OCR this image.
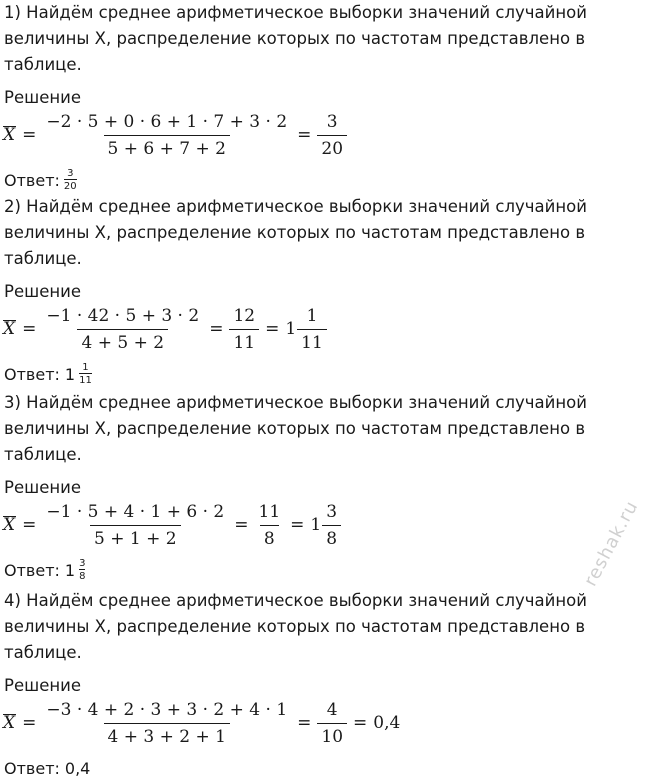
1) Найдём среднее арифметическое выборки значений случайной величины X, распределение которых по частотам представлено в таблице.
Решение
$X = \frac{-2 \cdot 5 + 0 \cdot 6 + 1 \cdot 7 + 3 \cdot 2}{5 + 6 + 7 + 2} = \frac{3}{20}$
Ответ: $\frac{3}{20}$
2) Найдём среднее арифметическое выборки значений случайной величины X, распределение которых по частотам представлено в таблице.
Решение
$X = \frac{-1 \cdot 42 \cdot 5 + 3 \cdot 2}{4 + 5 + 2} = \frac{12}{11} = 1 \frac{1}{11}$
Ответ: $1 \frac{1}{11}$
3) Найдём среднее арифметическое выборки значений случайной величины X, распределение которых по частотам представлено в таблице.
Решение
$X = \frac{-1 \cdot 5 + 4 \cdot 1 + 6 \cdot 2}{5 + 1 + 2} = \frac{11}{8} = 1 \frac{3}{8}$
Ответ: $1 \frac{3}{8}$
4) Найдём среднее арифметическое выборки значений случайной величины X, распределение которых по частотам представлено в таблице.
Решение
$X = \frac{-3 \cdot 4 + 2 \cdot 3 + 3 \cdot 2 + 4 \cdot 1}{4 + 3 + 2 + 1} = \frac{4}{10} = 0,4$
Ответ: 0,4
reshak.ru
